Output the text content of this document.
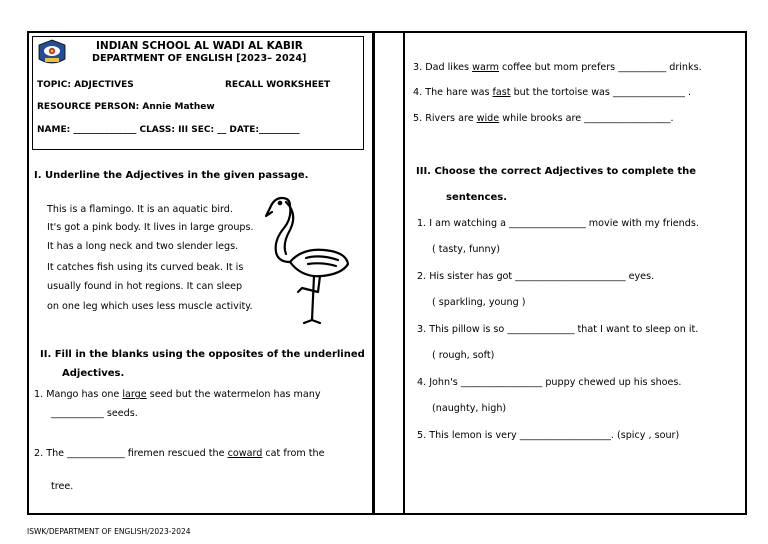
INDIAN SCHOOL AL WADI AL KABIR
DEPARTMENT OF ENGLISH [2023– 2024]
TOPIC: ADJECTIVES	RECALL WORKSHEET
RESOURCE PERSON: Annie Mathew
NAME: ______________ CLASS: III SEC: __ DATE:_________
I. Underline the Adjectives in the given passage.
This is a flamingo. It is an aquatic bird.
It's got a pink body. It lives in large groups.
It has a long neck and two slender legs.
It catches fish using its curved beak. It is
usually found in hot regions. It can sleep
on one leg which uses less muscle activity.
II. Fill in the blanks using the opposites of the underlined
Adjectives.
1. Mango has one large seed but the watermelon has many
___________ seeds.
2. The ____________ firemen rescued the coward cat from the
tree.
3. Dad likes warm coffee but mom prefers __________ drinks.
4. The hare was fast but the tortoise was _______________ .
5. Rivers are wide while brooks are __________________.
III. Choose the correct Adjectives to complete the
sentences.
1. I am watching a ________________ movie with my friends.
( tasty, funny)
2. His sister has got _______________________ eyes.
( sparkling, young )
3. This pillow is so ______________ that I want to sleep on it.
( rough, soft)
4. John's _________________ puppy chewed up his shoes.
(naughty, high)
5. This lemon is very ___________________. (spicy , sour)
ISWK/DEPARTMENT OF ENGLISH/2023-2024
